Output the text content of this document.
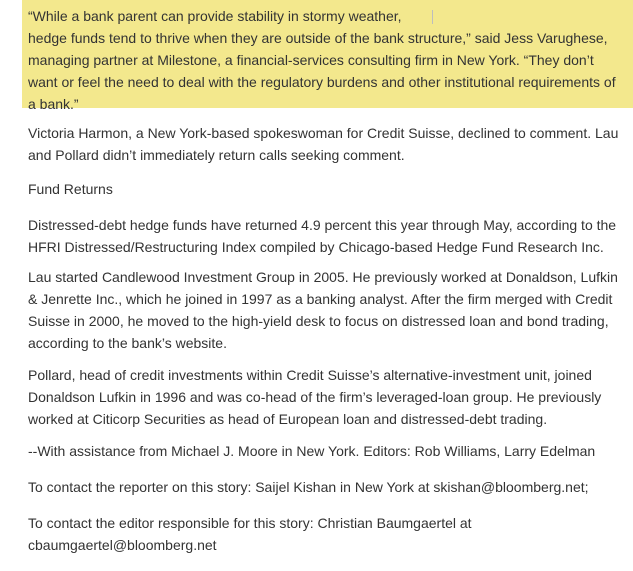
“While a bank parent can provide stability in stormy weather,
hedge funds tend to thrive when they are outside of the bank structure,” said Jess Varughese,
managing partner at Milestone, a financial-services consulting firm in New York. “They don’t
want or feel the need to deal with the regulatory burdens and other institutional requirements of
a bank.”

Victoria Harmon, a New York-based spokeswoman for Credit Suisse, declined to comment. Lau
and Pollard didn’t immediately return calls seeking comment.

Fund Returns

Distressed-debt hedge funds have returned 4.9 percent this year through May, according to the
HFRI Distressed/Restructuring Index compiled by Chicago-based Hedge Fund Research Inc.

Lau started Candlewood Investment Group in 2005. He previously worked at Donaldson, Lufkin
& Jenrette Inc., which he joined in 1997 as a banking analyst. After the firm merged with Credit
Suisse in 2000, he moved to the high-yield desk to focus on distressed loan and bond trading,
according to the bank’s website.

Pollard, head of credit investments within Credit Suisse’s alternative-investment unit, joined
Donaldson Lufkin in 1996 and was co-head of the firm’s leveraged-loan group. He previously
worked at Citicorp Securities as head of European loan and distressed-debt trading.

--With assistance from Michael J. Moore in New York. Editors: Rob Williams, Larry Edelman

To contact the reporter on this story: Saijel Kishan in New York at skishan@bloomberg.net;

To contact the editor responsible for this story: Christian Baumgaertel at
cbaumgaertel@bloomberg.net
